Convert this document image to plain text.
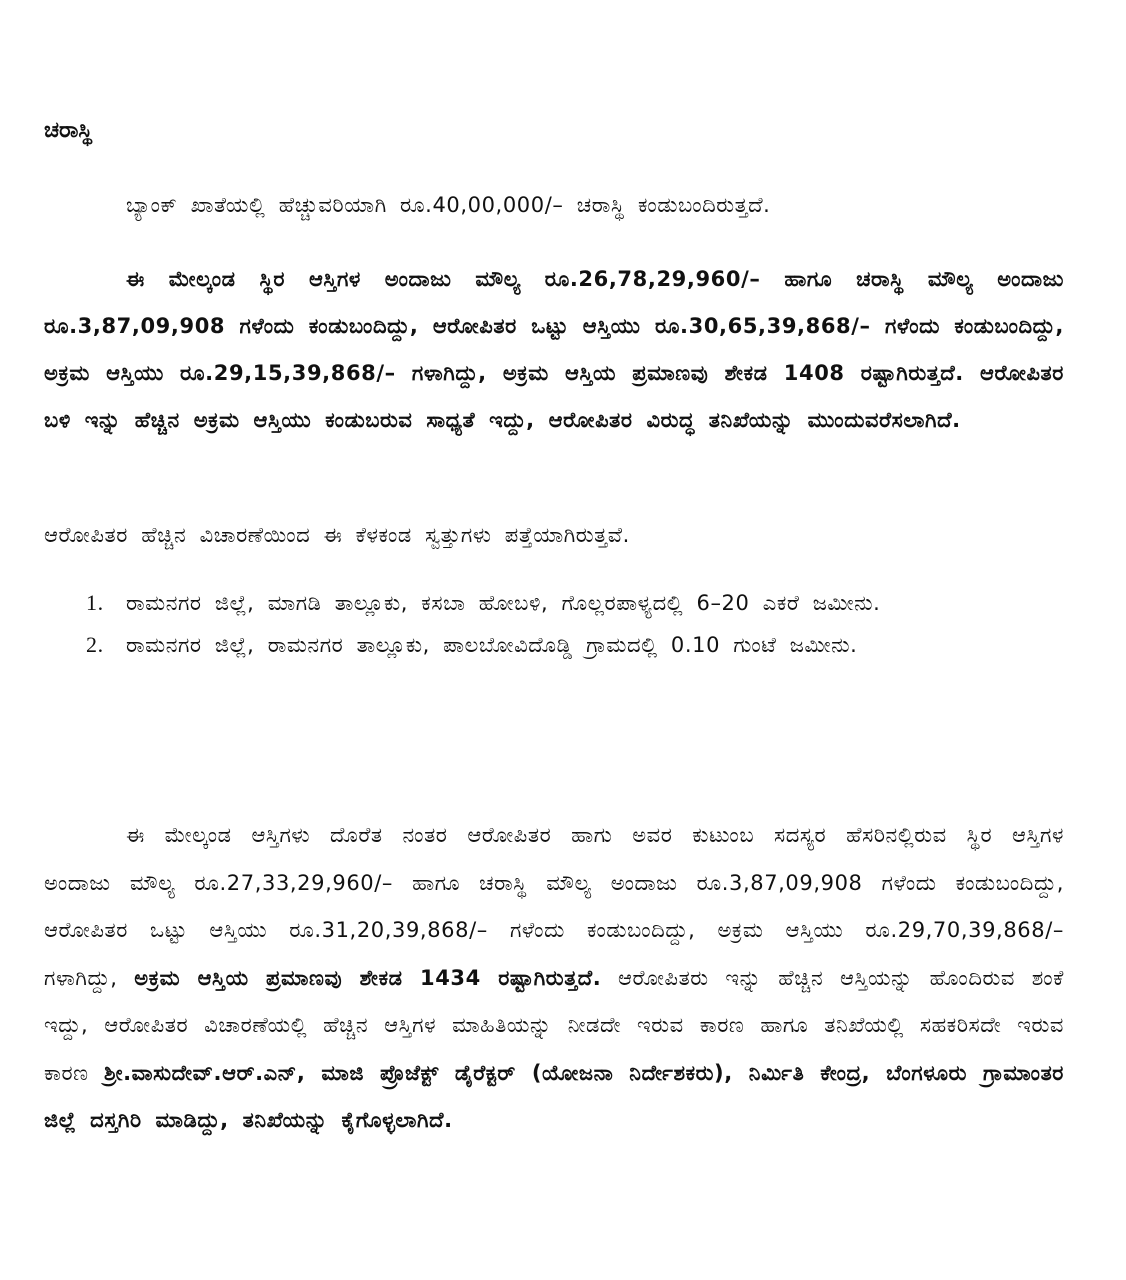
ಚರಾಸ್ಥಿ

ಬ್ಯಾಂಕ್ ಖಾತೆಯಲ್ಲಿ ಹೆಚ್ಚುವರಿಯಾಗಿ ರೂ.40,00,000/– ಚರಾಸ್ಥಿ ಕಂಡುಬಂದಿರುತ್ತದೆ.

ಈ ಮೇಲ್ಕಂಡ ಸ್ಥಿರ ಆಸ್ತಿಗಳ ಅಂದಾಜು ಮೌಲ್ಯ ರೂ.26,78,29,960/– ಹಾಗೂ ಚರಾಸ್ಥಿ ಮೌಲ್ಯ ಅಂದಾಜು ರೂ.3,87,09,908 ಗಳೆಂದು ಕಂಡುಬಂದಿದ್ದು, ಆರೋಪಿತರ ಒಟ್ಟು ಆಸ್ತಿಯು ರೂ.30,65,39,868/– ಗಳೆಂದು ಕಂಡುಬಂದಿದ್ದು, ಅಕ್ರಮ ಆಸ್ತಿಯು ರೂ.29,15,39,868/– ಗಳಾಗಿದ್ದು, ಅಕ್ರಮ ಆಸ್ತಿಯ ಪ್ರಮಾಣವು ಶೇಕಡ 1408 ರಷ್ಟಾಗಿರುತ್ತದೆ. ಆರೋಪಿತರ ಬಳಿ ಇನ್ನು ಹೆಚ್ಚಿನ ಅಕ್ರಮ ಆಸ್ತಿಯು ಕಂಡುಬರುವ ಸಾಧ್ಯತೆ ಇದ್ದು, ಆರೋಪಿತರ ವಿರುದ್ಧ ತನಿಖೆಯನ್ನು ಮುಂದುವರೆಸಲಾಗಿದೆ.

ಆರೋಪಿತರ ಹೆಚ್ಚಿನ ವಿಚಾರಣೆಯಿಂದ ಈ ಕೆಳಕಂಡ ಸ್ವತ್ತುಗಳು ಪತ್ತೆಯಾಗಿರುತ್ತವೆ.

1. ರಾಮನಗರ ಜಿಲ್ಲೆ, ಮಾಗಡಿ ತಾಲ್ಲೂಕು, ಕಸಬಾ ಹೋಬಳಿ, ಗೊಲ್ಲರಪಾಳ್ಯದಲ್ಲಿ 6–20 ಎಕರೆ ಜಮೀನು.
2. ರಾಮನಗರ ಜಿಲ್ಲೆ, ರಾಮನಗರ ತಾಲ್ಲೂಕು, ಪಾಲಬೋವಿದೊಡ್ಡಿ ಗ್ರಾಮದಲ್ಲಿ 0.10 ಗುಂಟೆ ಜಮೀನು.

ಈ ಮೇಲ್ಕಂಡ ಆಸ್ತಿಗಳು ದೊರೆತ ನಂತರ ಆರೋಪಿತರ ಹಾಗು ಅವರ ಕುಟುಂಬ ಸದಸ್ಯರ ಹೆಸರಿನಲ್ಲಿರುವ ಸ್ಥಿರ ಆಸ್ತಿಗಳ ಅಂದಾಜು ಮೌಲ್ಯ ರೂ.27,33,29,960/– ಹಾಗೂ ಚರಾಸ್ಥಿ ಮೌಲ್ಯ ಅಂದಾಜು ರೂ.3,87,09,908 ಗಳೆಂದು ಕಂಡುಬಂದಿದ್ದು, ಆರೋಪಿತರ ಒಟ್ಟು ಆಸ್ತಿಯು ರೂ.31,20,39,868/– ಗಳೆಂದು ಕಂಡುಬಂದಿದ್ದು, ಅಕ್ರಮ ಆಸ್ತಿಯು ರೂ.29,70,39,868/– ಗಳಾಗಿದ್ದು, ಅಕ್ರಮ ಆಸ್ತಿಯ ಪ್ರಮಾಣವು ಶೇಕಡ 1434 ರಷ್ಟಾಗಿರುತ್ತದೆ. ಆರೋಪಿತರು ಇನ್ನು ಹೆಚ್ಚಿನ ಆಸ್ತಿಯನ್ನು ಹೊಂದಿರುವ ಶಂಕೆ ಇದ್ದು, ಆರೋಪಿತರ ವಿಚಾರಣೆಯಲ್ಲಿ ಹೆಚ್ಚಿನ ಆಸ್ತಿಗಳ ಮಾಹಿತಿಯನ್ನು ನೀಡದೇ ಇರುವ ಕಾರಣ ಹಾಗೂ ತನಿಖೆಯಲ್ಲಿ ಸಹಕರಿಸದೇ ಇರುವ ಕಾರಣ ಶ್ರೀ.ವಾಸುದೇವ್.ಆರ್.ಎನ್, ಮಾಜಿ ಪ್ರೊಜೆಕ್ಟ್ ಡೈರೆಕ್ಟರ್ (ಯೋಜನಾ ನಿರ್ದೇಶಕರು), ನಿರ್ಮಿತಿ ಕೇಂದ್ರ, ಬೆಂಗಳೂರು ಗ್ರಾಮಾಂತರ ಜಿಲ್ಲೆ ದಸ್ತಗಿರಿ ಮಾಡಿದ್ದು, ತನಿಖೆಯನ್ನು ಕೈಗೊಳ್ಳಲಾಗಿದೆ.
